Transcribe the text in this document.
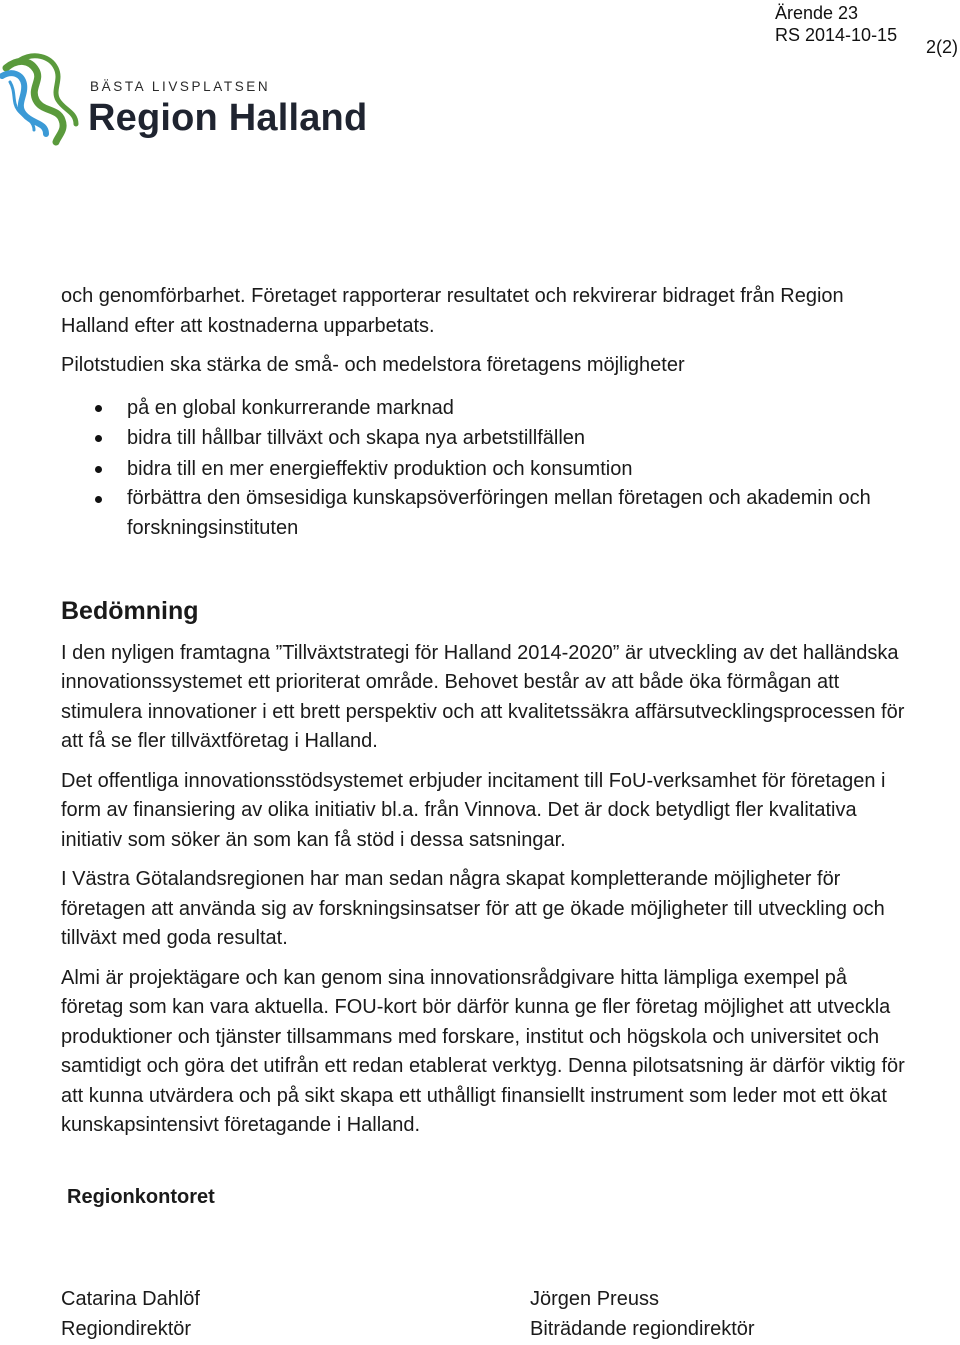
Ärende 23
RS 2014-10-15
2(2)
BÄSTA LIVSPLATSEN
Region Halland

och genomförbarhet. Företaget rapporterar resultatet och rekvirerar bidraget från Region Halland efter att kostnaderna upparbetats.

Pilotstudien ska stärka de små- och medelstora företagens möjligheter

på en global konkurrerande marknad
bidra till hållbar tillväxt och skapa nya arbetstillfällen
bidra till en mer energieffektiv produktion och konsumtion
förbättra den ömsesidiga kunskapsöverföringen mellan företagen och akademin och forskningsinstituten
Bedömning

I den nyligen framtagna ”Tillväxtstrategi för Halland 2014-2020” är utveckling av det halländska innovationssystemet ett prioriterat område. Behovet består av att både öka förmågan att stimulera innovationer i ett brett perspektiv och att kvalitetssäkra affärsutvecklingsprocessen för att få se fler tillväxtföretag i Halland.

Det offentliga innovationsstödsystemet erbjuder incitament till FoU-verksamhet för företagen i form av finansiering av olika initiativ bl.a. från Vinnova. Det är dock betydligt fler kvalitativa initiativ som söker än som kan få stöd i dessa satsningar.

I Västra Götalandsregionen har man sedan några skapat kompletterande möjligheter för företagen att använda sig av forskningsinsatser för att ge ökade möjligheter till utveckling och tillväxt med goda resultat.

Almi är projektägare och kan genom sina innovationsrådgivare hitta lämpliga exempel på företag som kan vara aktuella. FOU-kort bör därför kunna ge fler företag möjlighet att utveckla produktioner och tjänster tillsammans med forskare, institut och högskola och universitet och samtidigt och göra det utifrån ett redan etablerat verktyg. Denna pilotsatsning är därför viktig för att kunna utvärdera och på sikt skapa ett uthålligt finansiellt instrument som leder mot ett ökat kunskapsintensivt företagande i Halland.

Regionkontoret

Catarina Dahlöf
Regiondirektör
Jörgen Preuss
Biträdande regiondirektör
